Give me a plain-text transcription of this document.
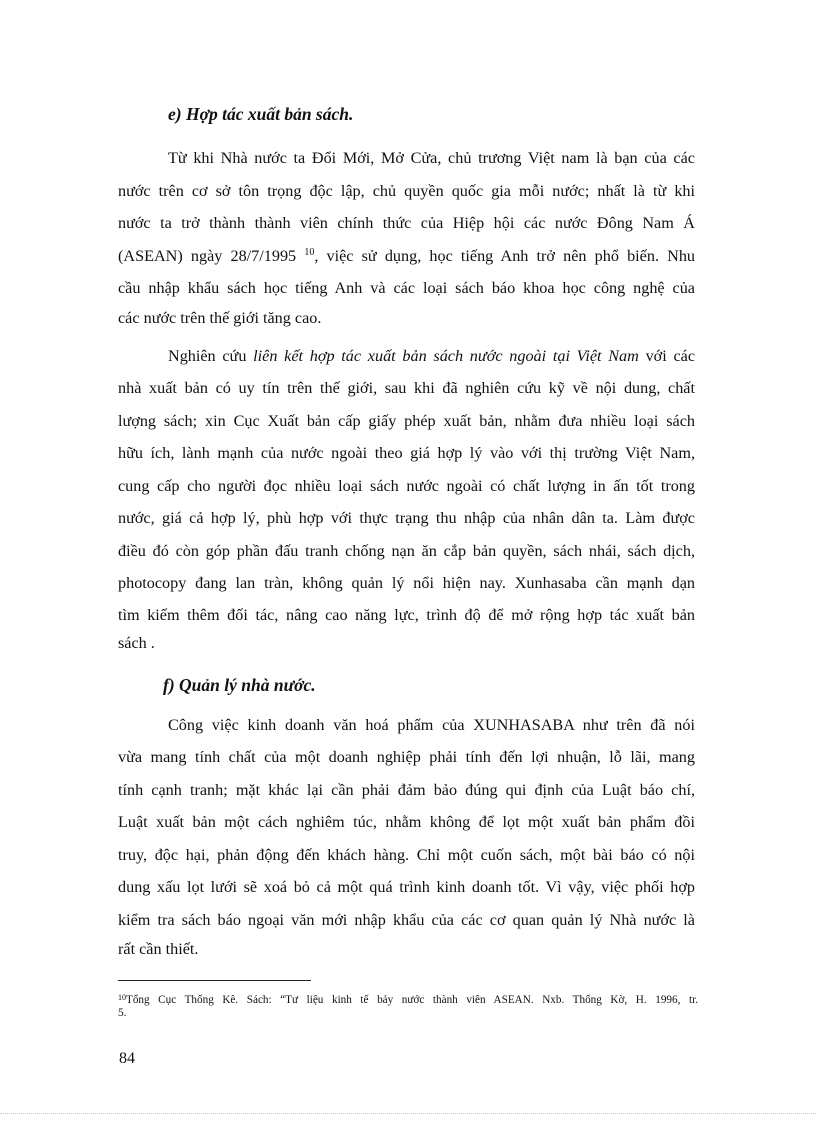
e) Hợp tác xuất bản sách.
Từ khi Nhà nước ta Đổi Mới, Mở Cửa, chủ trương Việt nam là bạn của các
nước trên cơ sở tôn trọng độc lập, chủ quyền quốc gia mỗi nước; nhất là từ khi
nước ta trở thành thành viên chính thức của Hiệp hội các nước Đông Nam Á
(ASEAN) ngày 28/7/1995 $^{10}$, việc sử dụng, học tiếng Anh trở nên phổ biến. Nhu
cầu nhập khẩu sách học tiếng Anh và các loại sách báo khoa học công nghệ của
các nước trên thế giới tăng cao.
Nghiên cứu liên kết hợp tác xuất bản sách nước ngoài tại Việt Nam với các
nhà xuất bản có uy tín trên thế giới, sau khi đã nghiên cứu kỹ về nội dung, chất
lượng sách; xin Cục Xuất bản cấp giấy phép xuất bản, nhằm đưa nhiều loại sách
hữu ích, lành mạnh của nước ngoài theo giá hợp lý vào với thị trường Việt Nam,
cung cấp cho người đọc nhiều loại sách nước ngoài có chất lượng in ấn tốt trong
nước, giá cả hợp lý, phù hợp với thực trạng thu nhập của nhân dân ta. Làm được
điều đó còn góp phần đấu tranh chống nạn ăn cắp bản quyền, sách nhái, sách dịch,
photocopy đang lan tràn, không quản lý nổi hiện nay. Xunhasaba cần mạnh dạn
tìm kiếm thêm đối tác, nâng cao năng lực, trình độ để mở rộng hợp tác xuất bản
sách .
f) Quản lý nhà nước.
Công việc kinh doanh văn hoá phẩm của XUNHASABA như trên đã nói
vừa mang tính chất của một doanh nghiệp phải tính đến lợi nhuận, lỗ lãi, mang
tính cạnh tranh; mặt khác lại cần phải đảm bảo đúng qui định của Luật báo chí,
Luật xuất bản một cách nghiêm túc, nhằm không để lọt một xuất bản phẩm đồi
truy, độc hại, phản động đến khách hàng. Chỉ một cuốn sách, một bài báo có nội
dung xấu lọt lưới sẽ xoá bỏ cả một quá trình kinh doanh tốt. Vì vậy, việc phối hợp
kiểm tra sách báo ngoại văn mới nhập khẩu của các cơ quan quản lý Nhà nước là
rất cần thiết.
$^{10}$Tổng Cục Thống Kê. Sách: “Tư liệu kinh tế bảy nước thành viên ASEAN. Nxb. Thống Kờ, H. 1996, tr.
5.
84
